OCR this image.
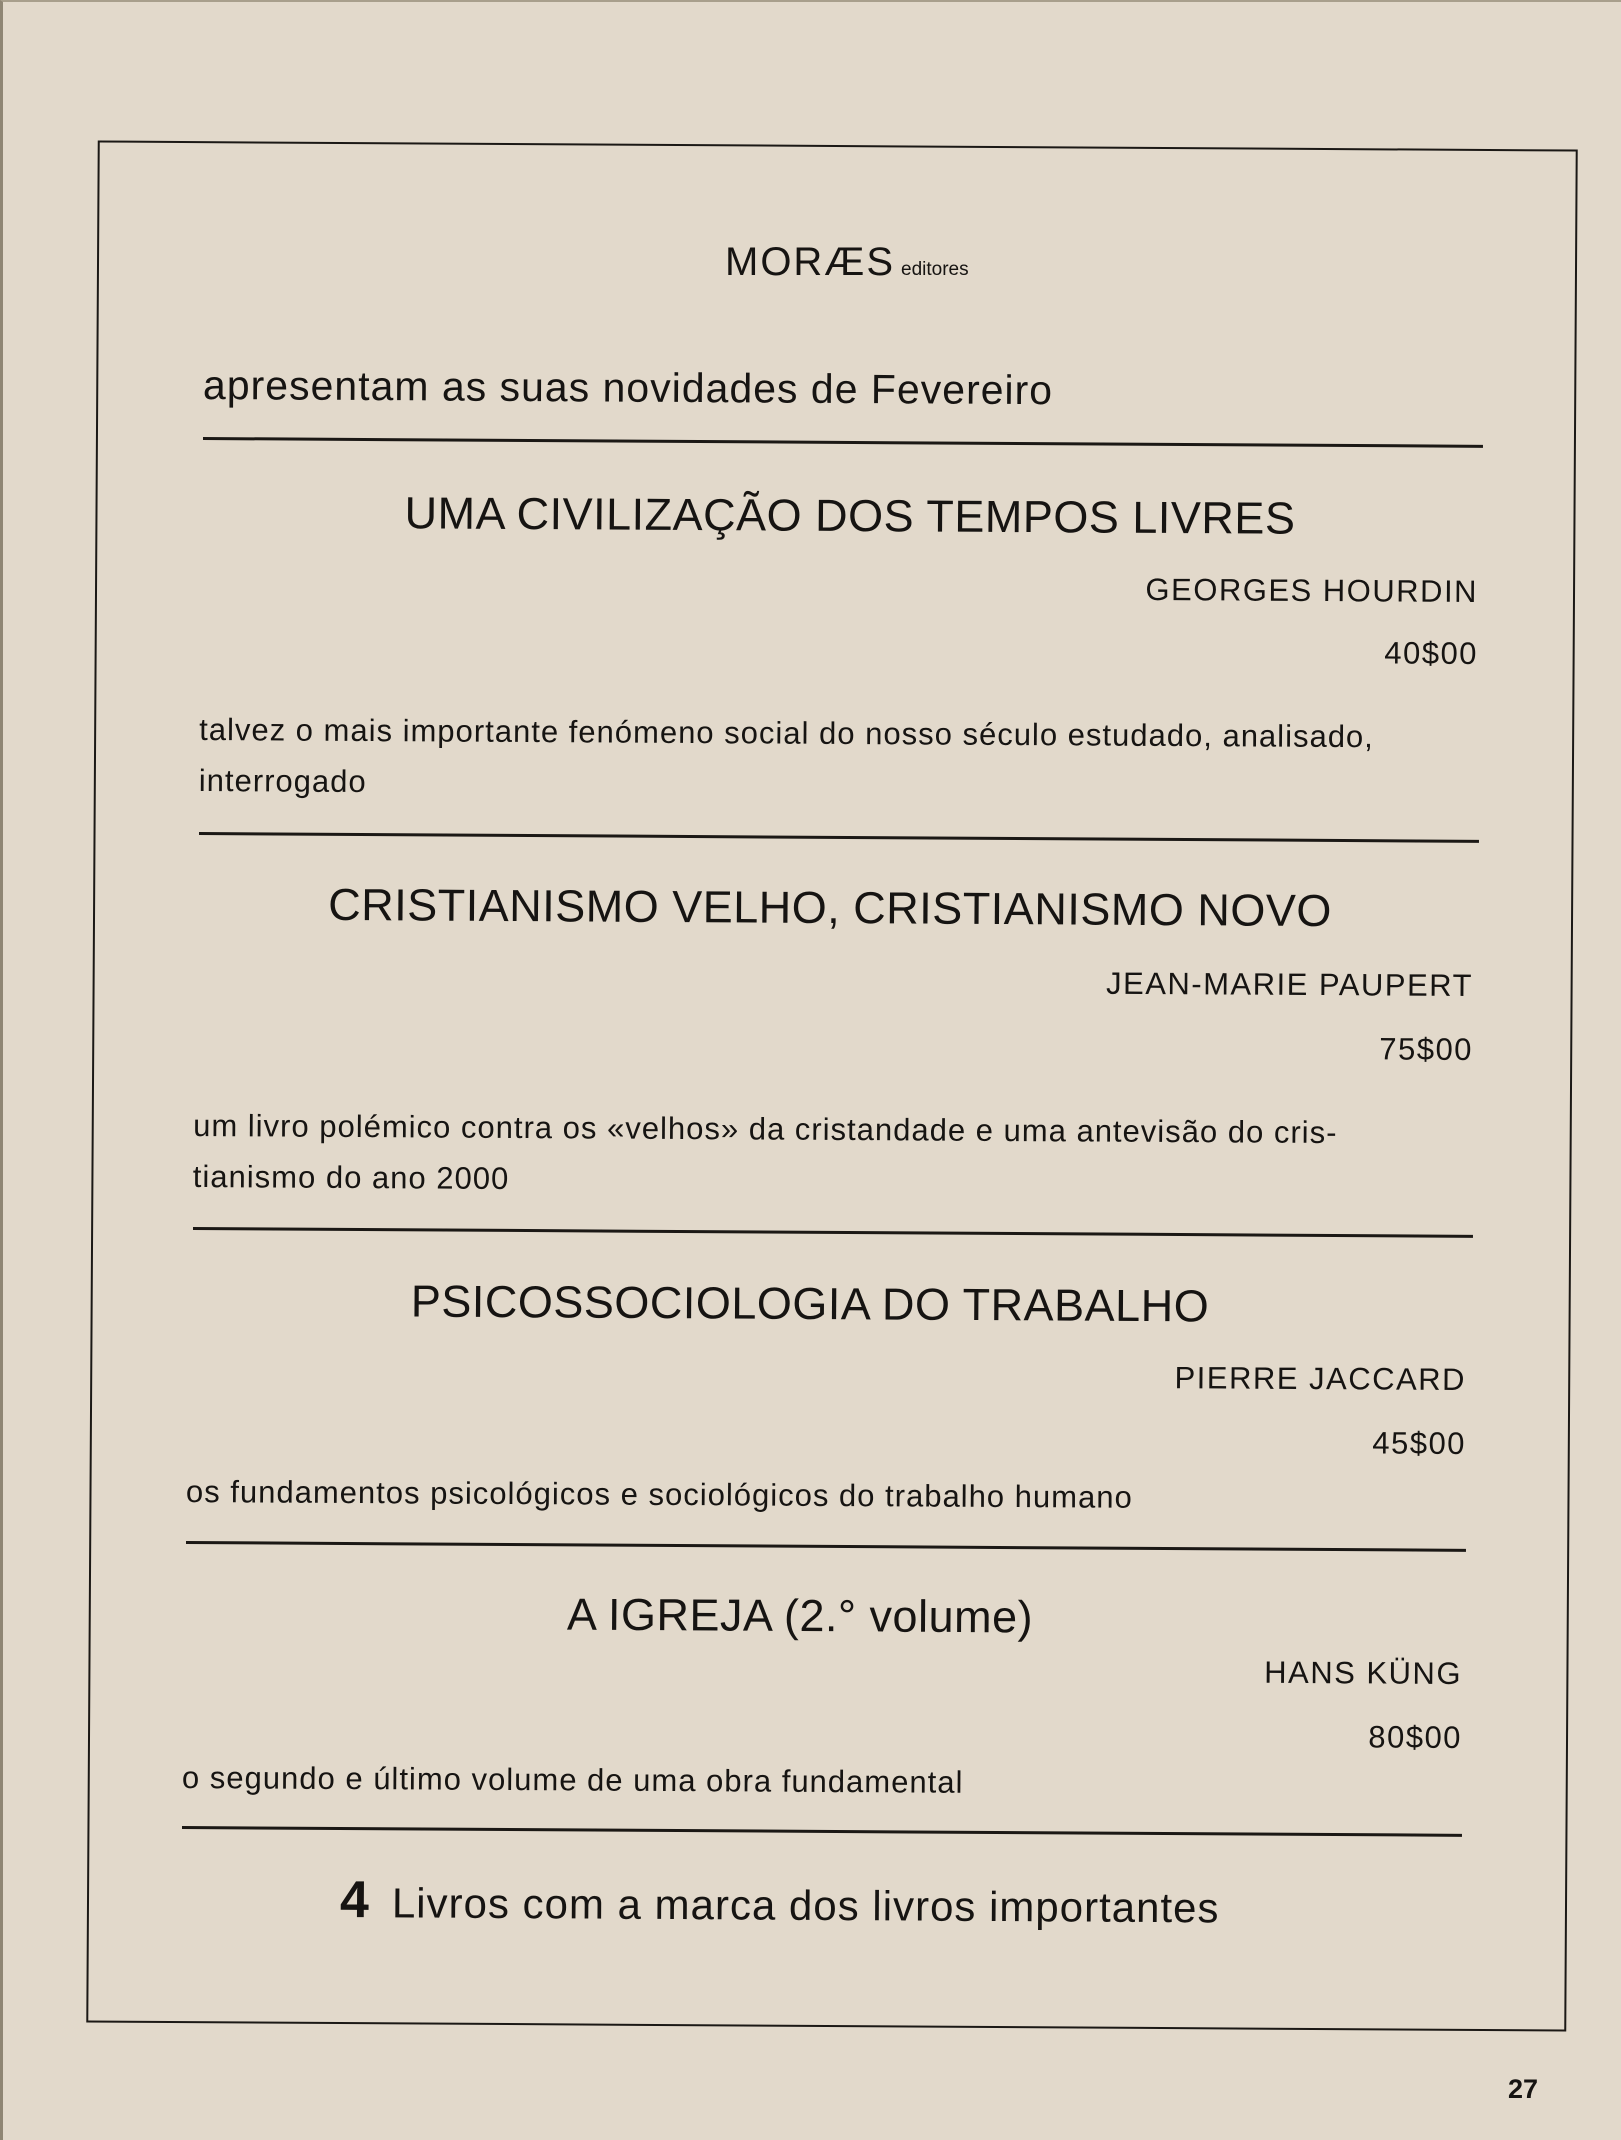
MORÆS editores
apresentam as suas novidades de Fevereiro
UMA CIVILIZAÇÃO DOS TEMPOS LIVRES
GEORGES HOURDIN
40$00
talvez o mais importante fenómeno social do nosso século estudado, analisado,
interrogado
CRISTIANISMO VELHO, CRISTIANISMO NOVO
JEAN-MARIE PAUPERT
75$00
um livro polémico contra os «velhos» da cristandade e uma antevisão do cris-
tianismo do ano 2000
PSICOSSOCIOLOGIA DO TRABALHO
PIERRE JACCARD
45$00
os fundamentos psicológicos e sociológicos do trabalho humano
A IGREJA (2.° volume)
HANS KÜNG
80$00
o segundo e último volume de uma obra fundamental
4 Livros com a marca dos livros importantes
27
